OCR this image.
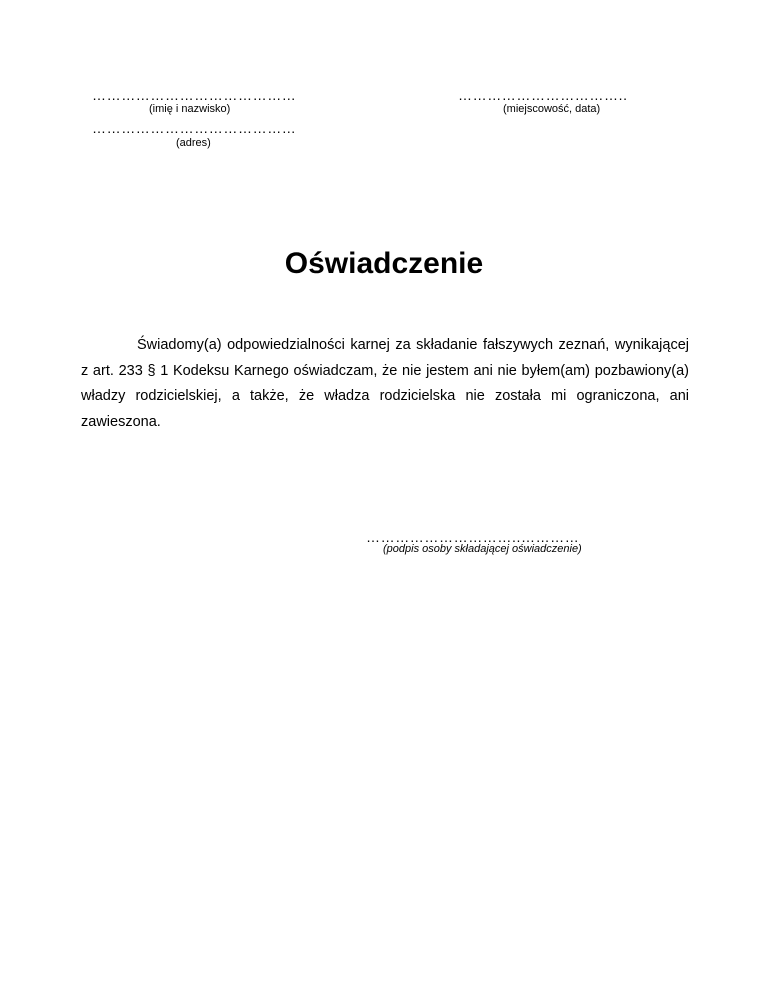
……………………………………
(imię i nazwisko)
……………………………………
(adres)
……………………………..
(miejscowość, data)
Oświadczenie

Świadomy(a) odpowiedzialności karnej za składanie fałszywych zeznań, wynikającej z art. 233 § 1 Kodeksu Karnego oświadczam, że nie jestem ani nie byłem(am) pozbawiony(a) władzy rodzicielskiej, a także, że władza rodzicielska nie została mi ograniczona, ani zawieszona.

…………………………..…………
(podpis osoby składającej oświadczenie)
